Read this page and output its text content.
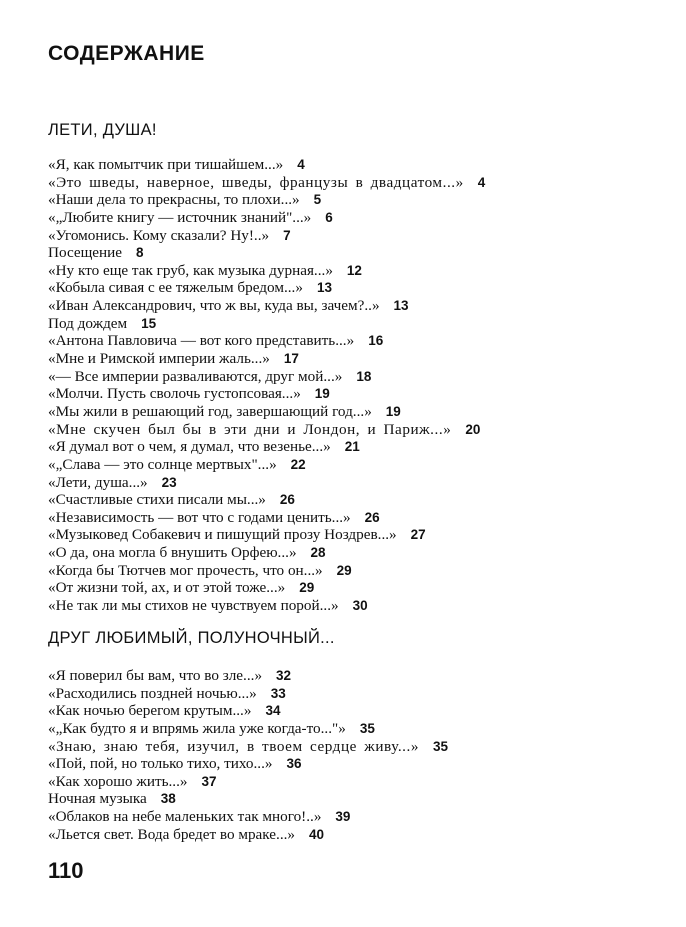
СОДЕРЖАНИЕ
ЛЕТИ, ДУША!
«Я, как помытчик при тишайшем...» 4
«Это шведы, наверное, шведы, французы в двадцатом...» 4
«Наши дела то прекрасны, то плохи...» 5
«„Любите книгу — источник знаний"...» 6
«Угомонись. Кому сказали? Ну!..» 7
Посещение 8
«Ну кто еще так груб, как музыка дурная...» 12
«Кобыла сивая с ее тяжелым бредом...» 13
«Иван Александрович, что ж вы, куда вы, зачем?..» 13
Под дождем 15
«Антона Павловича — вот кого представить...» 16
«Мне и Римской империи жаль...» 17
«— Все империи разваливаются, друг мой...» 18
«Молчи. Пусть сволочь густопсовая...» 19
«Мы жили в решающий год, завершающий год...» 19
«Мне скучен был бы в эти дни и Лондон, и Париж...» 20
«Я думал вот о чем, я думал, что везенье...» 21
«„Слава — это солнце мертвых"...» 22
«Лети, душа...» 23
«Счастливые стихи писали мы...» 26
«Независимость — вот что с годами ценить...» 26
«Музыковед Собакевич и пишущий прозу Ноздрев...» 27
«О да, она могла б внушить Орфею...» 28
«Когда бы Тютчев мог прочесть, что он...» 29
«От жизни той, ах, и от этой тоже...» 29
«Не так ли мы стихов не чувствуем порой...» 30
ДРУГ ЛЮБИМЫЙ, ПОЛУНОЧНЫЙ...
«Я поверил бы вам, что во зле...» 32
«Расходились поздней ночью...» 33
«Как ночью берегом крутым...» 34
«„Как будто я и впрямь жила уже когда-то..."» 35
«Знаю, знаю тебя, изучил, в твоем сердце живу...» 35
«Пой, пой, но только тихо, тихо...» 36
«Как хорошо жить...» 37
Ночная музыка 38
«Облаков на небе маленьких так много!..» 39
«Льется свет. Вода бредет во мраке...» 40
110
